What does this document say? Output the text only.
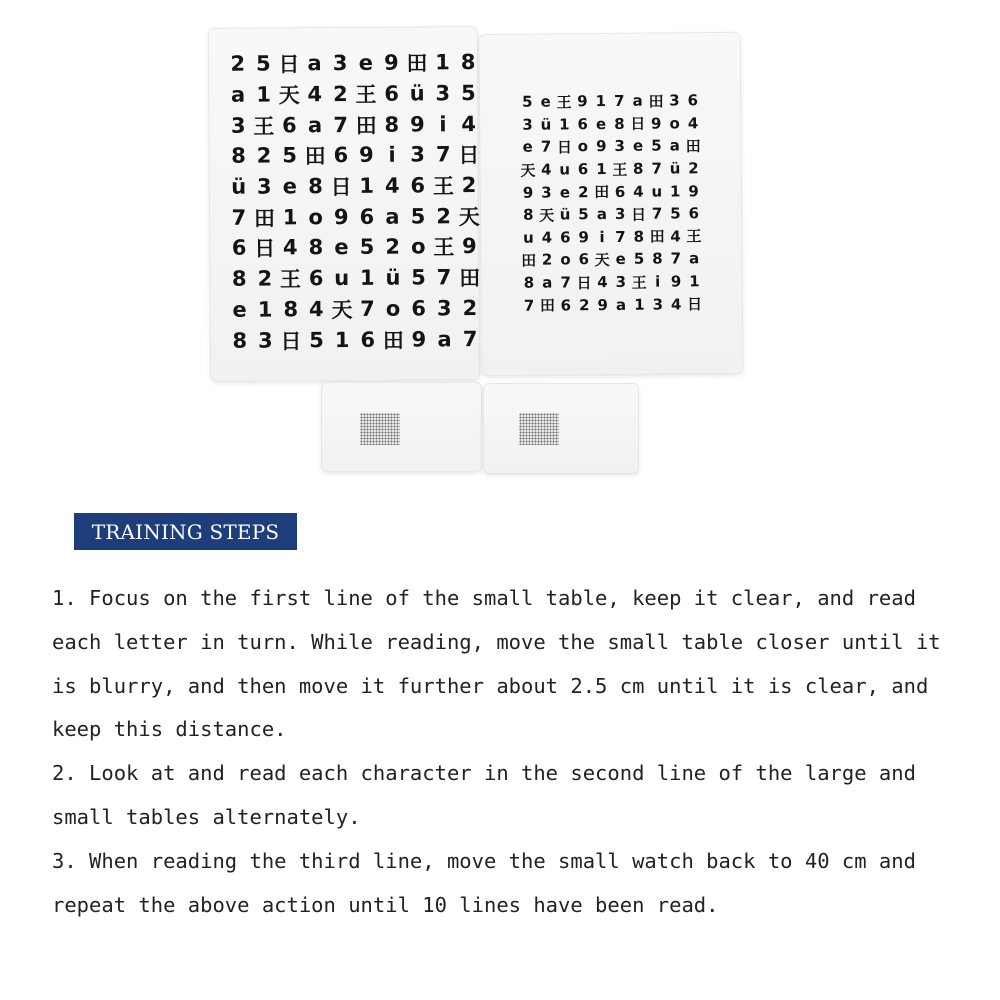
2 5 日 a 3 e 9 田 1 8
a 1 天 4 2 王 6 ü 3 5
3 王 6 a 7 田 8 9 i 4
8 2 5 田 6 9 i 3 7 日
ü 3 e 8 日 1 4 6 王 2
7 田 1 o 9 6 a 5 2 天
6 日 4 8 e 5 2 o 王 9
8 2 王 6 u 1 ü 5 7 田
e 1 8 4 天 7 o 6 3 2
8 3 日 5 1 6 田 9 a 7
5 e 王 9 1 7 a 田 3 6
3 ü 1 6 e 8 日 9 o 4
e 7 日 o 9 3 e 5 a 田
天 4 u 6 1 王 8 7 ü 2
9 3 e 2 田 6 4 u 1 9
8 天 ü 5 a 3 日 7 5 6
u 4 6 9 i 7 8 田 4 王
田 2 o 6 天 e 5 8 7 a
8 a 7 日 4 3 王 i 9 1
7 田 6 2 9 a 1 3 4 日
TRAINING STEPS

1. Focus on the first line of the small table, keep it clear, and read each letter in turn. While reading, move the small table closer until it is blurry, and then move it further about 2.5 cm until it is clear, and keep this distance.

2. Look at and read each character in the second line of the large and small tables alternately.

3. When reading the third line, move the small watch back to 40 cm and repeat the above action until 10 lines have been read.
